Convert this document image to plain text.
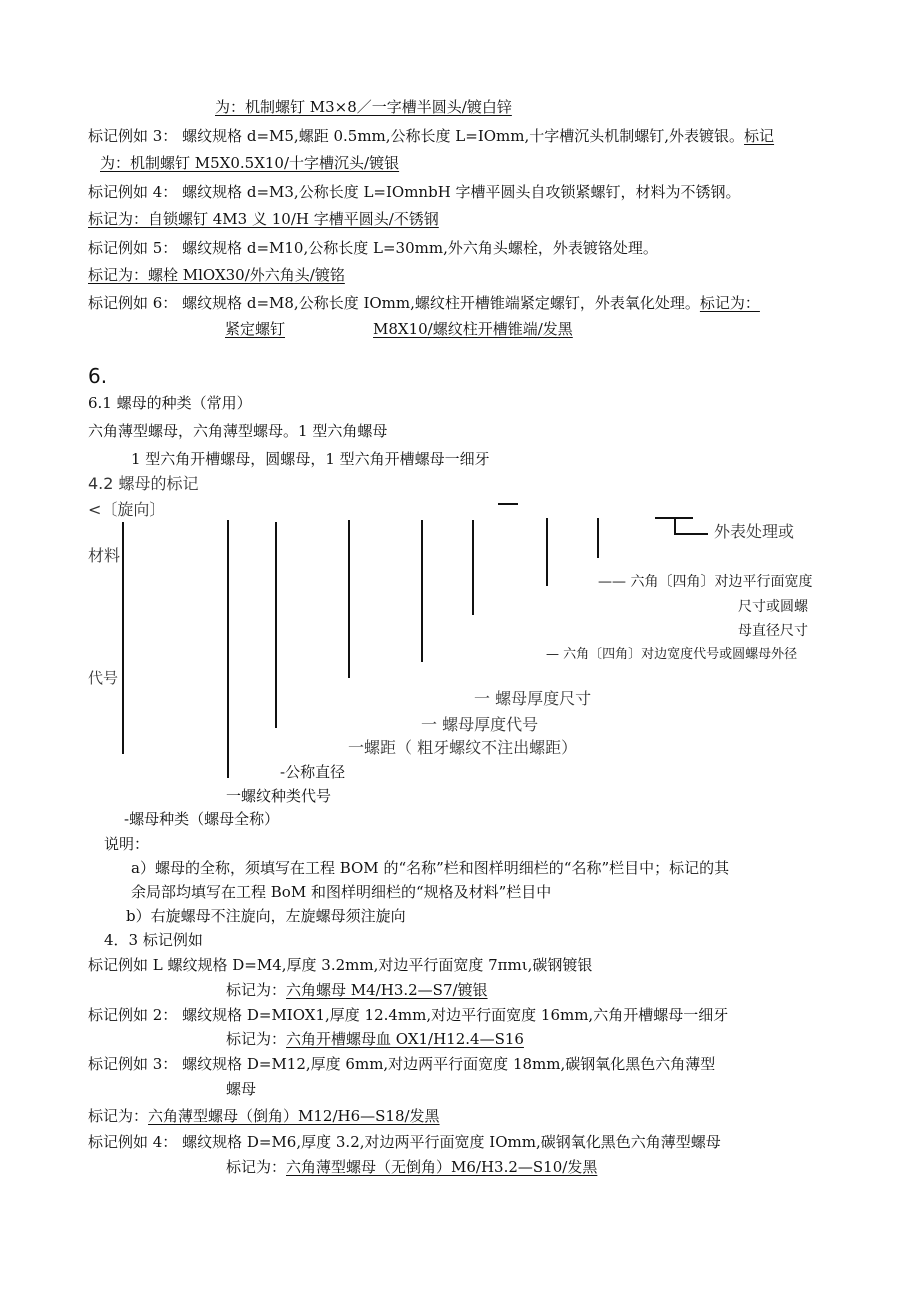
为：机制螺钉 M3×8／一字槽半圆头/镀白锌
标记例如 3： 螺纹规格 d=M5,螺距 0.5mm,公称长度 L=IOmm,十字槽沉头机制螺钉,外表镀银。标记
为：机制螺钉 M5X0.5X10/十字槽沉头/镀银
标记例如 4： 螺纹规格 d=M3,公称长度 L=IOmnbH 字槽平圆头自攻锁紧螺钉，材料为不锈钢。
标记为：自锁螺钉 4M3 义 10/H 字槽平圆头/不锈钢
标记例如 5： 螺纹规格 d=M10,公称长度 L=30mm,外六角头螺栓，外表镀铬处理。
标记为：螺栓 MlOX30/外六角头/镀铭
标记例如 6： 螺纹规格 d=M8,公称长度 IOmm,螺纹柱开槽锥端紧定螺钉，外表氧化处理。标记为：
紧定螺钉	M8X10/螺纹柱开槽锥端/发黑
6.
6.1 螺母的种类（常用）
六角薄型螺母，六角薄型螺母。1 型六角螺母
1 型六角开槽螺母，圆螺母，1 型六角开槽螺母一细牙
4.2 螺母的标记
<〔旋向〕
材料
代号
外表处理或
—— 六角〔四角〕对边平行面宽度
尺寸或圆螺
母直径尺寸
— 六角〔四角〕对边宽度代号或圆螺母外径
一 螺母厚度尺寸
一 螺母厚度代号
一螺距（ 粗牙螺纹不注出螺距）
-公称直径
一螺纹种类代号
-螺母种类（螺母全称）
说明：
a）螺母的全称，须填写在工程 BOM 的“名称”栏和图样明细栏的“名称”栏目中；标记的其
余局部均填写在工程 BoM 和图样明细栏的“规格及材料”栏目中
b）右旋螺母不注旋向，左旋螺母须注旋向
4．3 标记例如
标记例如 L 螺纹规格 D=M4,厚度 3.2mm,对边平行面宽度 7πmι,碳钢镀银
标记为：六角螺母 M4/H3.2—S7/镀银
标记例如 2： 螺纹规格 D=MIOX1,厚度 12.4mm,对边平行面宽度 16mm,六角开槽螺母一细牙
标记为：六角开槽螺母血 OX1/H12.4—S16
标记例如 3： 螺纹规格 D=M12,厚度 6mm,对边两平行面宽度 18mm,碳钢氧化黑色六角薄型
螺母
标记为：六角薄型螺母（倒角）M12/H6—S18/发黑
标记例如 4： 螺纹规格 D=M6,厚度 3.2,对边两平行面宽度 IOmm,碳钢氧化黑色六角薄型螺母
标记为：六角薄型螺母（无倒角）M6/H3.2—S10/发黑
